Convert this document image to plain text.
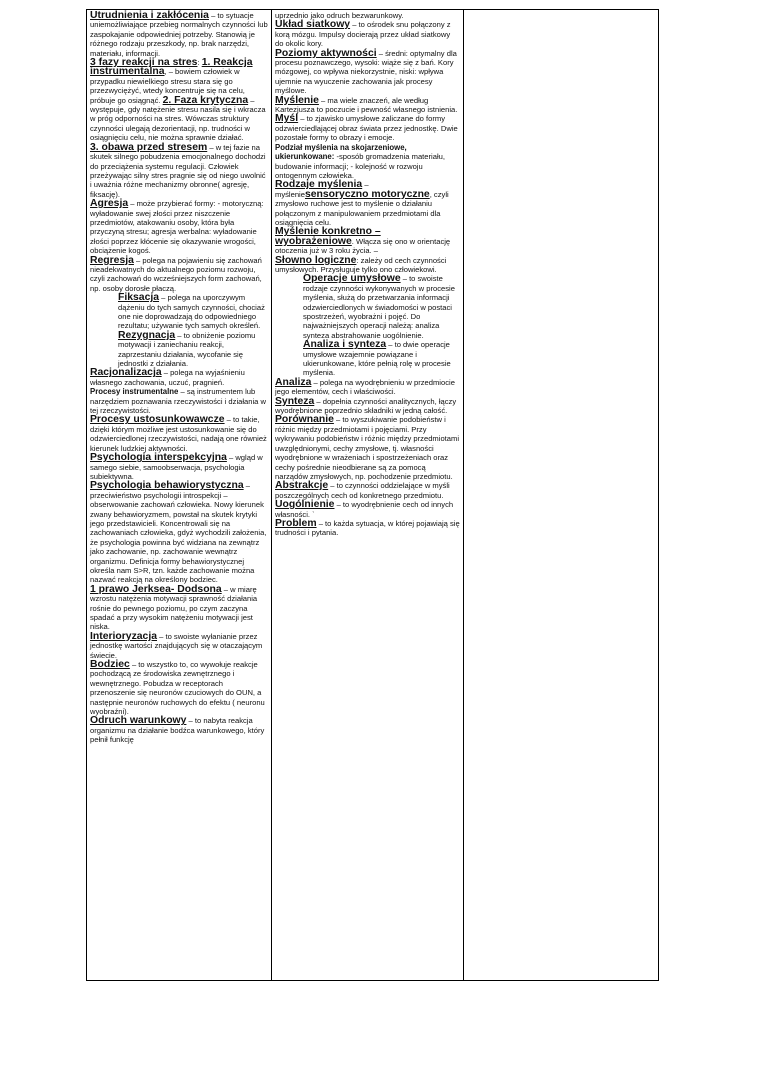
Utrudnienia i zakłócenia – to sytuacje uniemożliwiające przebieg normalnych czynności lub zaspokajanie odpowiedniej potrzeby. Stanowią je różnego rodzaju przeszkody, np. brak narzędzi, materiału, informacji.

3 fazy reakcji na stres: 1. Reakcja instrumentalna, – bowiem człowiek w przypadku niewielkiego stresu stara się go przezwyciężyć, wtedy koncentruje się na celu, próbuje go osiągnąć. 2. Faza krytyczna – występuje, gdy natężenie stresu nasila się i wkracza w próg odporności na stres. Wówczas struktury czynności ulegają dezorientacji, np. trudności w osiągnięciu celu, nie można sprawnie działać.

3. obawa przed stresem – w tej fazie na skutek silnego pobudzenia emocjonalnego dochodzi do przeciążenia systemu regulacji. Człowiek przeżywając silny stres pragnie się od niego uwolnić i uważnia różne mechanizmy obronne( agresję, fiksację).

Agresja – może przybierać formy: - motoryczną: wyładowanie swej złości przez niszczenie przedmiotów, atakowaniu osoby, która była przyczyną stresu; agresja werbalna: wyładowanie złości poprzez kłócenie się okazywanie wrogości, obciążenie kogoś.

Regresja – polega na pojawieniu się zachowań nieadekwatnych do aktualnego poziomu rozwoju, czyli zachowań do wcześniejszych form zachowań, np. osoby dorosłe płaczą.

Fiksacja – polega na uporczywym dążeniu do tych samych czynności, chociaż one nie doprowadzają do odpowiedniego rezultatu; używanie tych samych określeń.

Rezygnacja – to obniżenie poziomu motywacji i zaniechaniu reakcji, zaprzestaniu działania, wycofanie się jednostki z działania.

Racjonalizacja – polega na wyjaśnieniu własnego zachowania, uczuć, pragnień.

Procesy instrumentalne – są instrumentem lub narzędziem poznawania rzeczywistości i działania w tej rzeczywistości.

Procesy ustosunkowawcze – to takie, dzięki którym możliwe jest ustosunkowanie się do odzwierciedlonej rzeczywistości, nadają one również kierunek ludzkiej aktywności.

Psychologia interspekcyjna – wgląd w samego siebie, samoobserwacja, psychologia subiektywna.

Psychologia behawiorystyczna – przeciwieństwo psychologii introspekcji – obserwowanie zachowań człowieka. Nowy kierunek zwany behawioryzmem, powstał na skutek krytyki jego przedstawicieli. Koncentrowali się na zachowaniach człowieka, gdyż wychodzili założenia, że psychologia powinna być widziana na zewnątrz jako zachowanie, np. zachowanie wewnątrz organizmu. Definicja formy behawiorystycznej określa nam S>R, tzn. każde zachowanie można nazwać reakcją na określony bodziec.

1 prawo Jerksea- Dodsona – w miarę wzrostu natężenia motywacji sprawność działania rośnie do pewnego poziomu, po czym zaczyna spadać a przy wysokim natężeniu motywacji jest niska.

Interioryzacja – to swoiste wyłanianie przez jednostkę wartości znajdujących się w otaczającym świecie.

Bodziec – to wszystko to, co wywołuje reakcje pochodzącą ze środowiska zewnętrznego i wewnętrznego. Pobudza w receptorach przenoszenie się neuronów czuciowych do OUN, a następnie neuronów ruchowych do efektu ( neuronu wyobraźni).

Odruch warunkowy – to nabyta reakcja organizmu na działanie bodźca warunkowego, który pełnił funkcję

uprzednio jako odruch bezwarunkowy.

Układ siatkowy – to ośrodek snu połączony z korą mózgu. Impulsy docierają przez układ siatkowy do okolic kory.

Poziomy aktywności – średni: optymalny dla procesu poznawczego, wysoki: wiąże się z bań. Kory mózgowej, co wpływa niekorzystnie, niski: wpływa ujemnie na wyuczenie zachowania jak procesy myślowe.

Myślenie – ma wiele znaczeń, ale według Kartezjusza to poczucie i pewność własnego istnienia.

Myśl – to zjawisko umysłowe zaliczane do formy odzwierciedlającej obraz świata przez jednostkę. Dwie pozostałe formy to obrazy i emocje.

Podział myślenia na skojarzeniowe, ukierunkowane: -sposób gromadzenia materiału, budowanie informacji; - kolejność w rozwoju ontogennym człowieka.

Rodzaje myślenia – myśleniesensoryczno motoryczne, czyli zmysłowo ruchowe jest to myślenie o działaniu połączonym z manipulowaniem przedmiotami dla osiągnięcia celu.

Myślenie konkretno – wyobrażeniowe. Włącza się ono w orientację otoczenia już w 3 roku życia. –

Słowno logiczne: zależy od cech czynności umysłowych. Przysługuje tylko ono człowiekowi.

Operacje umysłowe – to swoiste rodzaje czynności wykonywanych w procesie myślenia, służą do przetwarzania informacji odzwierciedlonych w świadomości w postaci spostrzeżeń, wyobrażni i pojęć. Do najważniejszych operacji należą: analiza synteza abstrahowanie uogólnienie.

Analiza i synteza – to dwie operacje umysłowe wzajemnie powiązane i ukierunkowane, które pełnią rolę w procesie myślenia.

Analiza – polega na wyodrębnieniu w przedmiocie jego elementów, cech i właściwości.

Synteza – dopełnia czynności analitycznych, łączy wyodrębnione poprzednio składniki w jedną całość.

Porównanie – to wyszukiwanie podobieństw i różnic między przedmiotami i pojęciami. Przy wykrywaniu podobieństw i różnic między przedmiotami uwzględnionymi, cechy zmysłowe, tj. własności wyodrębnione w wrażeniach i spostrzeżeniach oraz cechy pośrednie nieodbierane są za pomocą narządów zmysłowych, np. pochodzenie przedmiotu.

Abstrakcje – to czynności oddzielające w myśli poszczególnych cech od konkretnego przedmiotu.

Uogólnienie – to wyodrębnienie cech od innych własności. `

Problem – to każda sytuacja, w której pojawiają się trudności i pytania.
